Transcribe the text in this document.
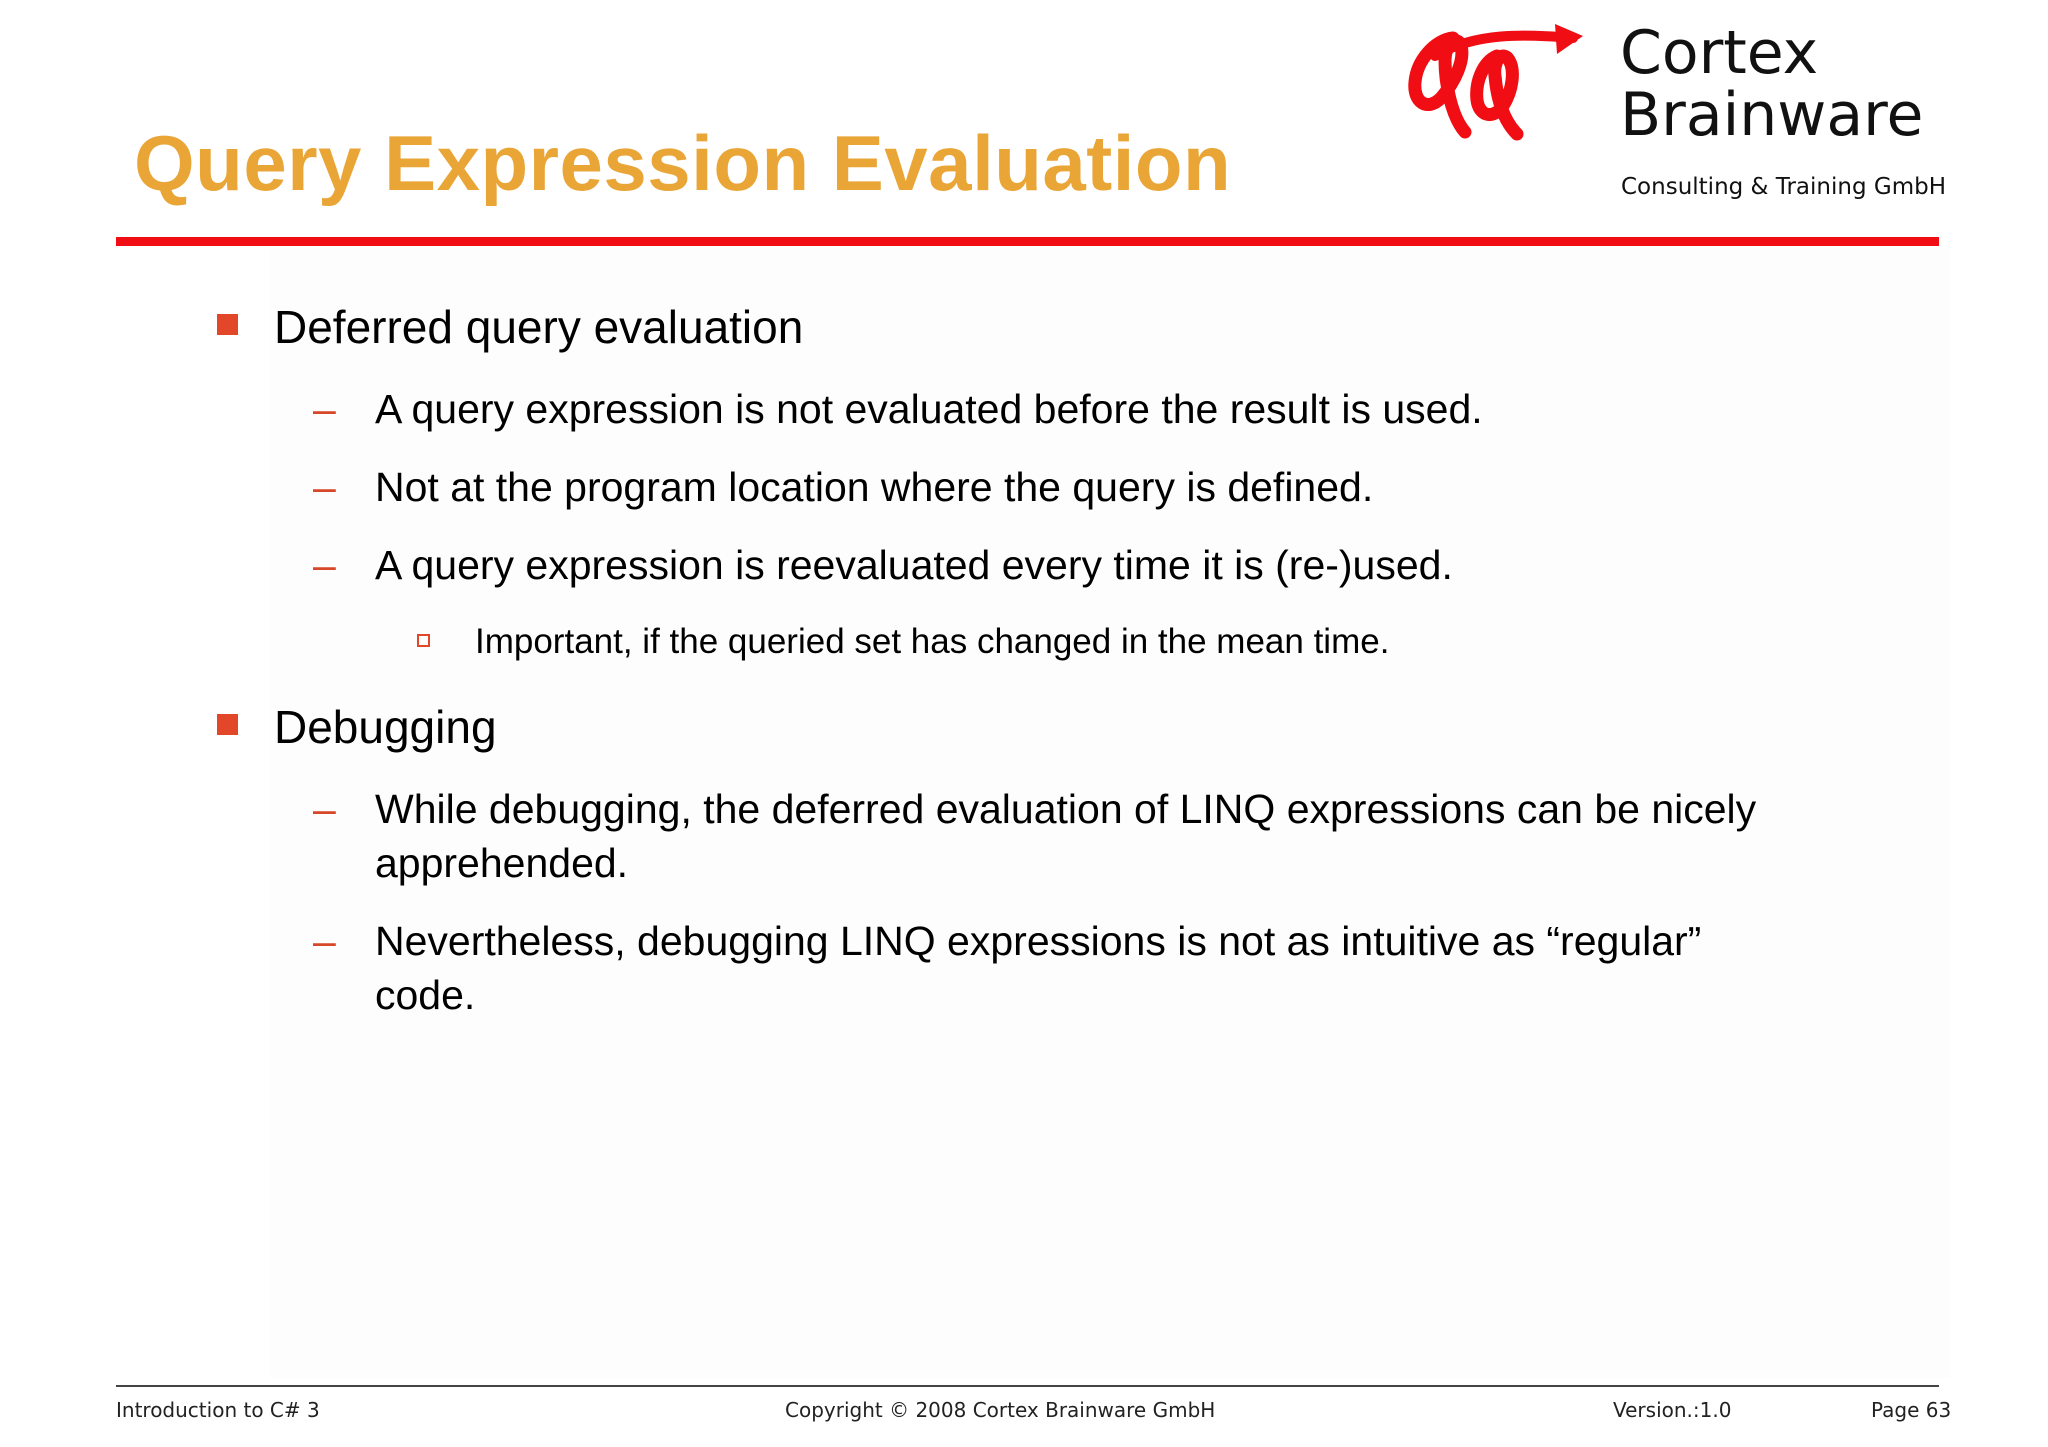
Query Expression Evaluation
Cortex
Brainware
Consulting & Training GmbH
Deferred query evaluation
– A query expression is not evaluated before the result is used.
– Not at the program location where the query is defined.
– A query expression is reevaluated every time it is (re-)used.
Important, if the queried set has changed in the mean time.
Debugging
– While debugging, the deferred evaluation of LINQ expressions can be nicely
apprehended.
– Nevertheless, debugging LINQ expressions is not as intuitive as “regular”
code.
Introduction to C# 3	Copyright © 2008 Cortex Brainware GmbH	Version.:1.0	Page 63
